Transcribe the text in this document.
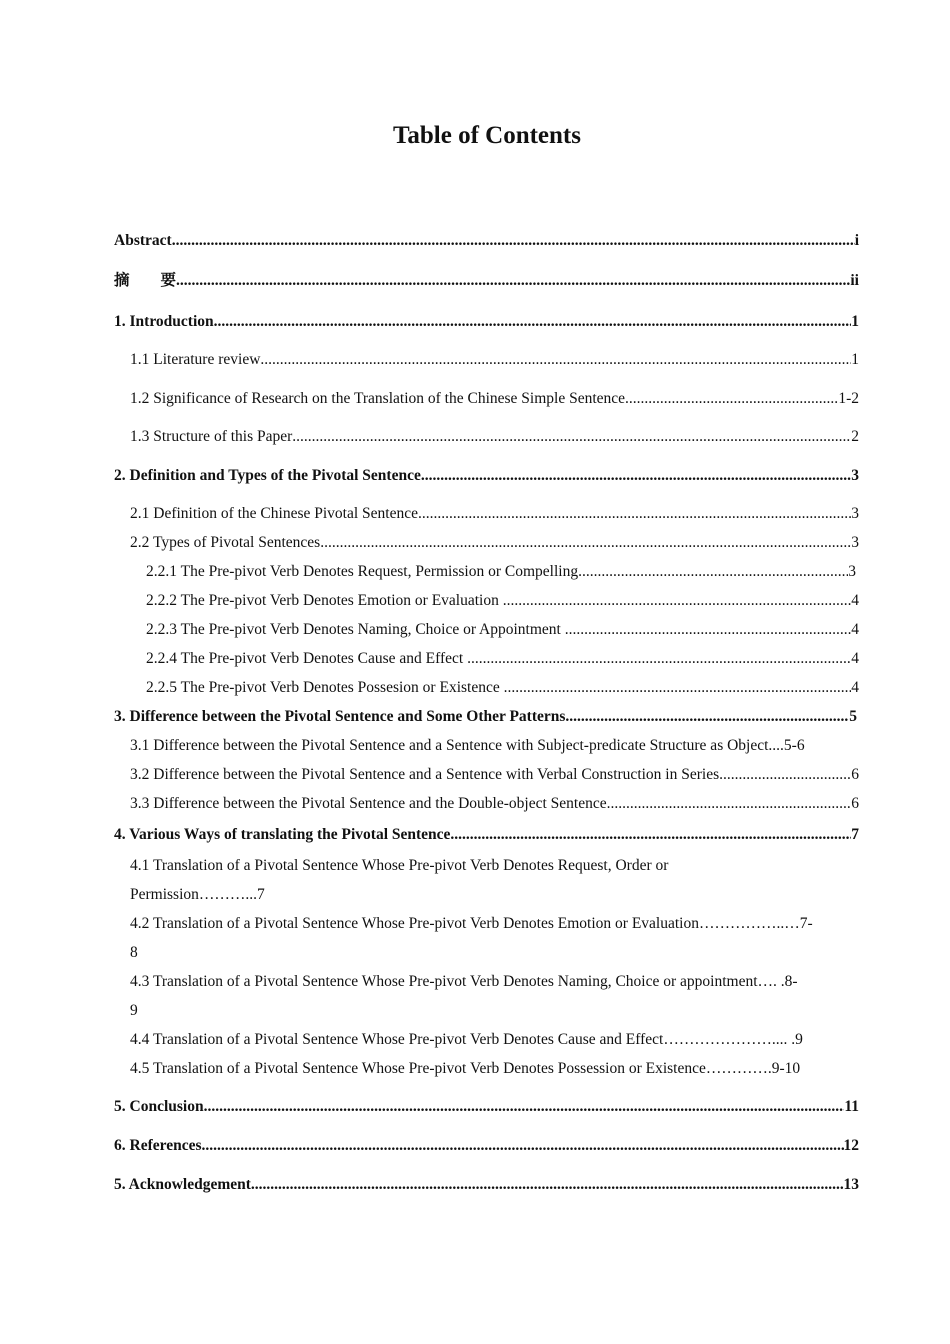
Table of Contents
Abstract .....	i
摘　　要 .....	ii
1. Introduction .....	1
1.1 Literature review .....	1
1.2 Significance of Research on the Translation of the Chinese Simple Sentence .....	1-2
1.3 Structure of this Paper .....	2
2. Definition and Types of the Pivotal Sentence .....	3
2.1 Definition of the Chinese Pivotal Sentence .....	3
2.2 Types of Pivotal Sentences .....	3
2.2.1 The Pre-pivot Verb Denotes Request, Permission or Compelling .....	3
2.2.2 The Pre-pivot Verb Denotes Emotion or Evaluation .....	4
2.2.3 The Pre-pivot Verb Denotes Naming, Choice or Appointment .....	4
2.2.4 The Pre-pivot Verb Denotes Cause and Effect .....	4
2.2.5 The Pre-pivot Verb Denotes Possesion or Existence .....	4
3. Difference between the Pivotal Sentence and Some Other Patterns .....	5
3.1 Difference between the Pivotal Sentence and a Sentence with Subject-predicate Structure as Object....5-6
3.2 Difference between the Pivotal Sentence and a Sentence with Verbal Construction in Series .....	6
3.3 Difference between the Pivotal Sentence and the Double-object Sentence .....	6
4. Various Ways of translating the Pivotal Sentence .....	7
4.1 Translation of a Pivotal Sentence Whose Pre-pivot Verb Denotes Request, Order or
Permission………...7
4.2 Translation of a Pivotal Sentence Whose Pre-pivot Verb Denotes Emotion or Evaluation……………..…7-
8
4.3 Translation of a Pivotal Sentence Whose Pre-pivot Verb Denotes Naming, Choice or appointment…. .8-
9
4.4 Translation of a Pivotal Sentence Whose Pre-pivot Verb Denotes Cause and Effect………………….... .9
4.5 Translation of a Pivotal Sentence Whose Pre-pivot Verb Denotes Possession or Existence………….9-10
5. Conclusion .....	11
6. References .....	12
5. Acknowledgement .....	13
